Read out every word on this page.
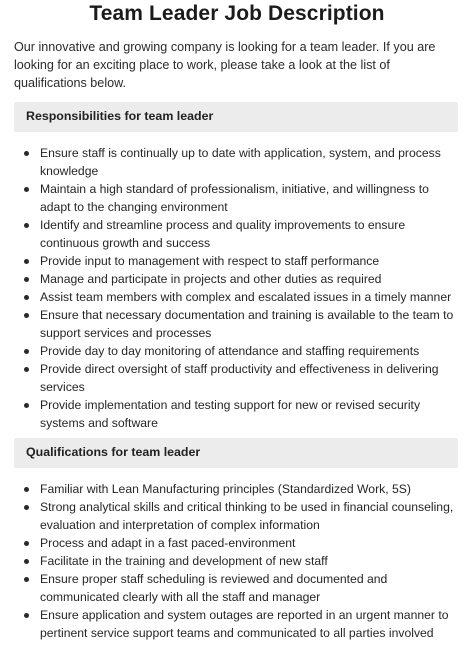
Team Leader Job Description

Our innovative and growing company is looking for a team leader. If you are looking for an exciting place to work, please take a look at the list of qualifications below.

Responsibilities for team leader
Ensure staff is continually up to date with application, system, and process knowledge
Maintain a high standard of professionalism, initiative, and willingness to adapt to the changing environment
Identify and streamline process and quality improvements to ensure continuous growth and success
Provide input to management with respect to staff performance
Manage and participate in projects and other duties as required
Assist team members with complex and escalated issues in a timely manner
Ensure that necessary documentation and training is available to the team to support services and processes
Provide day to day monitoring of attendance and staffing requirements
Provide direct oversight of staff productivity and effectiveness in delivering services
Provide implementation and testing support for new or revised security systems and software
Qualifications for team leader
Familiar with Lean Manufacturing principles (Standardized Work, 5S)
Strong analytical skills and critical thinking to be used in financial counseling, evaluation and interpretation of complex information
Process and adapt in a fast paced-environment
Facilitate in the training and development of new staff
Ensure proper staff scheduling is reviewed and documented and communicated clearly with all the staff and manager
Ensure application and system outages are reported in an urgent manner to pertinent service support teams and communicated to all parties involved
